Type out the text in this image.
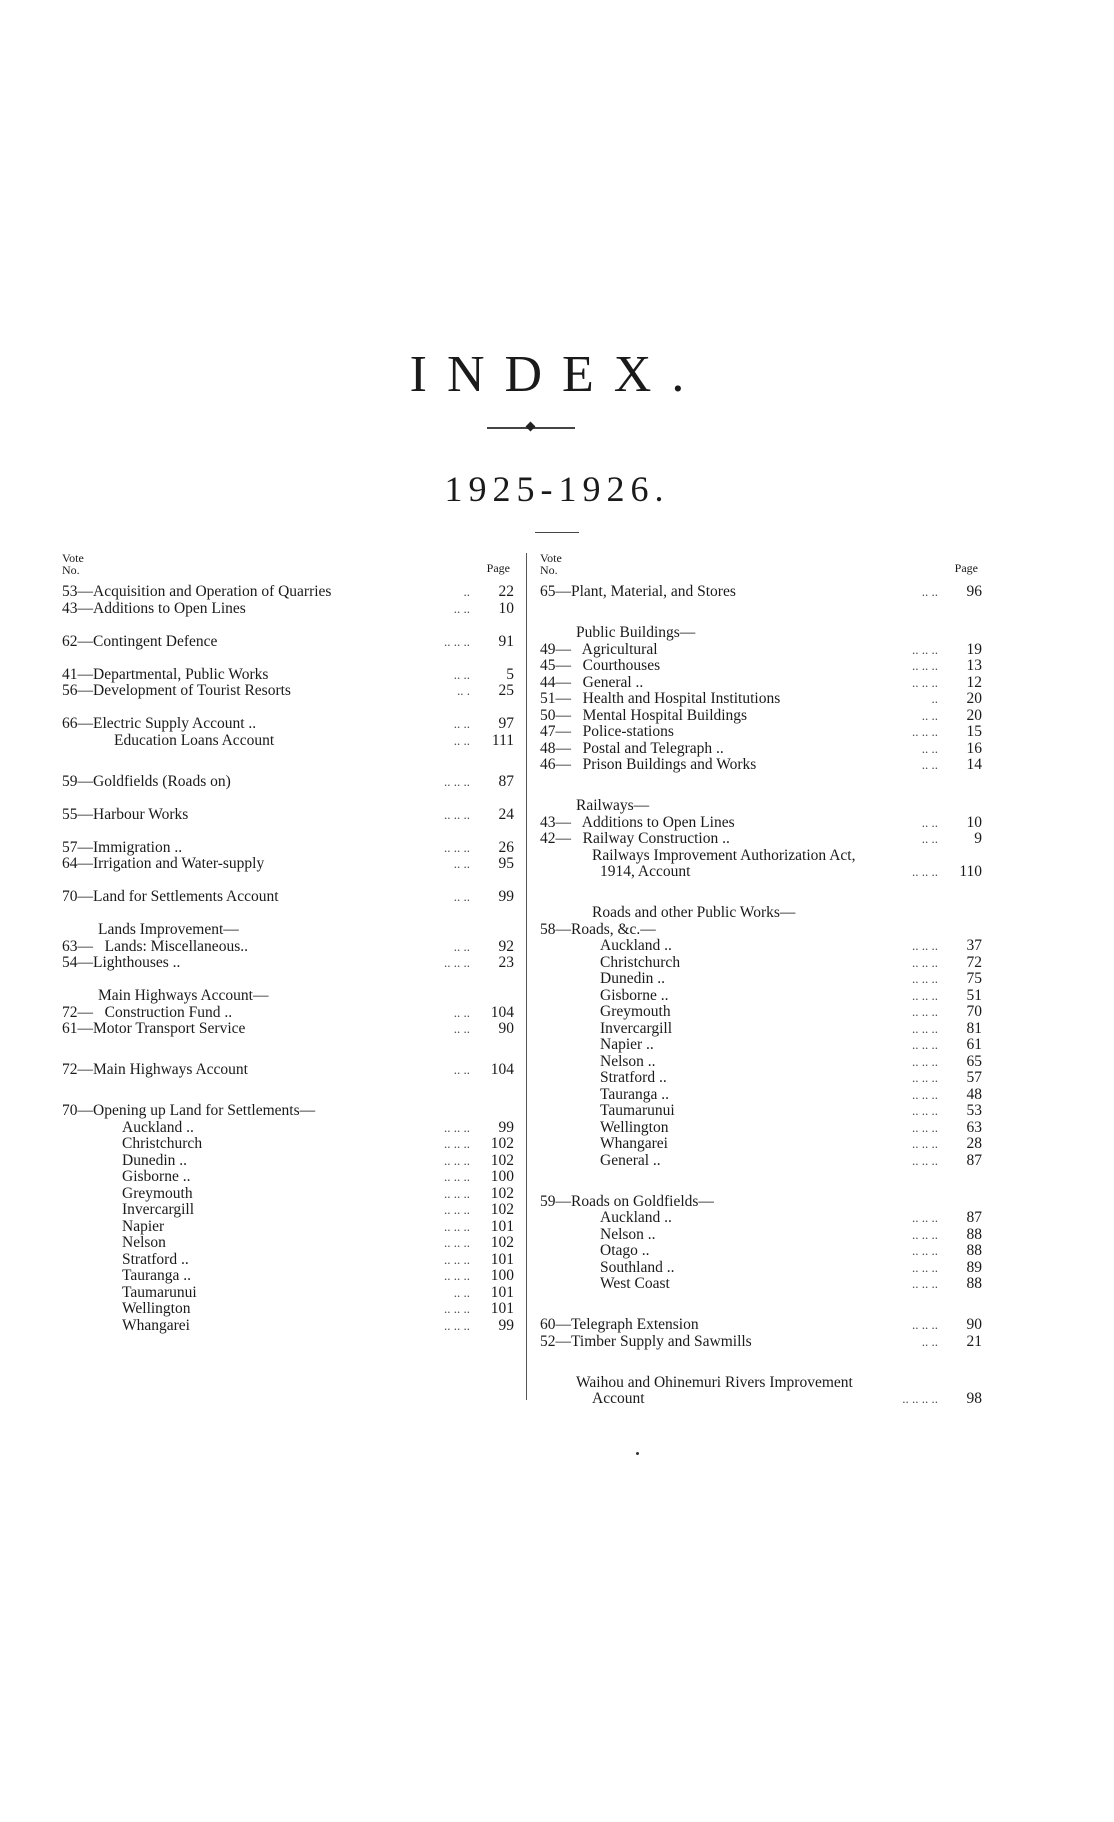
INDEX.
1925-1926.
Vote
No.	Page
53—Acquisition and Operation of Quarries	..	22
43—Additions to Open Lines	.. ..	10
62—Contingent Defence	.. .. ..	91
41—Departmental, Public Works	.. ..	5
56—Development of Tourist Resorts	.. .	25
66—Electric Supply Account ..	.. ..	97
Education Loans Account	.. ..	111
59—Goldfields (Roads on)	.. .. ..	87
55—Harbour Works	.. .. ..	24
57—Immigration ..	.. .. ..	26
64—Irrigation and Water-supply	.. ..	95
70—Land for Settlements Account	.. ..	99
Lands Improvement—
63—   Lands: Miscellaneous..	.. ..	92
54—Lighthouses ..	.. .. ..	23
Main Highways Account—
72—   Construction Fund ..	.. ..	104
61—Motor Transport Service	.. ..	90
72—Main Highways Account	.. ..	104
70—Opening up Land for Settlements—
Auckland ..	.. .. ..	99
Christchurch	.. .. ..	102
Dunedin ..	.. .. ..	102
Gisborne ..	.. .. ..	100
Greymouth	.. .. ..	102
Invercargill	.. .. ..	102
Napier	.. .. ..	101
Nelson	.. .. ..	102
Stratford ..	.. .. ..	101
Tauranga ..	.. .. ..	100
Taumarunui	.. ..	101
Wellington	.. .. ..	101
Whangarei	.. .. ..	99
Vote
No.	Page
65—Plant, Material, and Stores	.. ..	96
Public Buildings—
49—   Agricultural	.. .. ..	19
45—   Courthouses	.. .. ..	13
44—   General ..	.. .. ..	12
51—   Health and Hospital Institutions	..	20
50—   Mental Hospital Buildings	.. ..	20
47—   Police-stations	.. .. ..	15
48—   Postal and Telegraph ..	.. ..	16
46—   Prison Buildings and Works	.. ..	14
Railways—
43—   Additions to Open Lines	.. ..	10
42—   Railway Construction ..	.. ..	9
Railways Improvement Authorization Act,
1914, Account	.. .. ..	110
Roads and other Public Works—
58—Roads, &c.—
Auckland ..	.. .. ..	37
Christchurch	.. .. ..	72
Dunedin ..	.. .. ..	75
Gisborne ..	.. .. ..	51
Greymouth	.. .. ..	70
Invercargill	.. .. ..	81
Napier ..	.. .. ..	61
Nelson ..	.. .. ..	65
Stratford ..	.. .. ..	57
Tauranga ..	.. .. ..	48
Taumarunui	.. .. ..	53
Wellington	.. .. ..	63
Whangarei	.. .. ..	28
General ..	.. .. ..	87
59—Roads on Goldfields—
Auckland ..	.. .. ..	87
Nelson ..	.. .. ..	88
Otago ..	.. .. ..	88
Southland ..	.. .. ..	89
West Coast	.. .. ..	88
60—Telegraph Extension	.. .. ..	90
52—Timber Supply and Sawmills	.. ..	21
Waihou and Ohinemuri Rivers Improvement
Account	.. .. .. ..	98
